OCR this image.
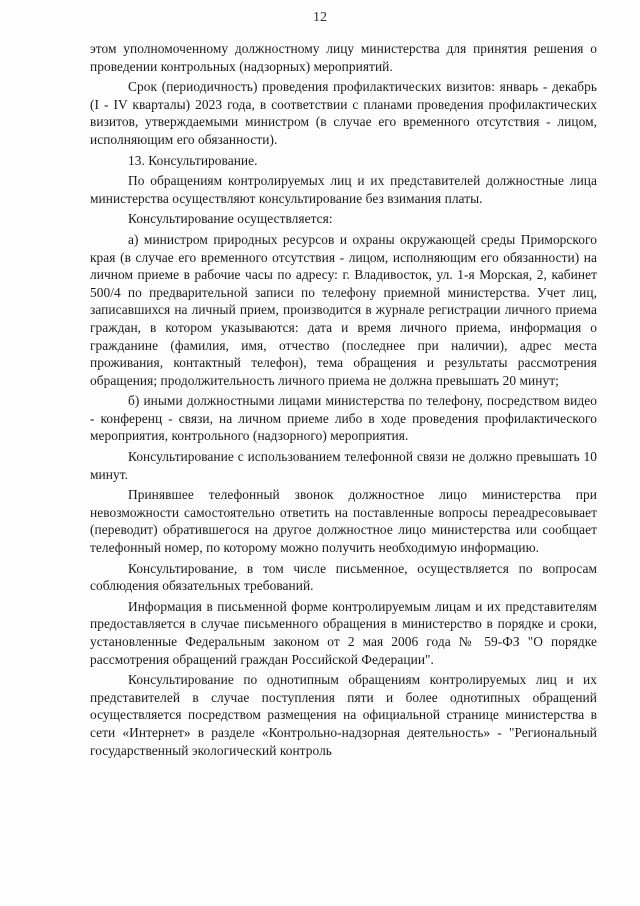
12

этом уполномоченному должностному лицу министерства для принятия решения о проведении контрольных (надзорных) мероприятий.

Срок (периодичность) проведения профилактических визитов: январь - декабрь (I - IV кварталы) 2023 года, в соответствии с планами проведения профилактических визитов, утверждаемыми министром (в случае его временного отсутствия - лицом, исполняющим его обязанности).

13. Консультирование.

По обращениям контролируемых лиц и их представителей должностные лица министерства осуществляют консультирование без взимания платы.

Консультирование осуществляется:

а) министром природных ресурсов и охраны окружающей среды Приморского края (в случае его временного отсутствия - лицом, исполняющим его обязанности) на личном приеме в рабочие часы по адресу: г. Владивосток, ул. 1-я Морская, 2, кабинет 500/4 по предварительной записи по телефону приемной министерства. Учет лиц, записавшихся на личный прием, производится в журнале регистрации личного приема граждан, в котором указываются: дата и время личного приема, информация о гражданине (фамилия, имя, отчество (последнее при наличии), адрес места проживания, контактный телефон), тема обращения и результаты рассмотрения обращения; продолжительность личного приема не должна превышать 20 минут;

б) иными должностными лицами министерства по телефону, посредством видео - конференц - связи, на личном приеме либо в ходе проведения профилактического мероприятия, контрольного (надзорного) мероприятия.

Консультирование с использованием телефонной связи не должно превышать 10 минут.

Принявшее телефонный звонок должностное лицо министерства при невозможности самостоятельно ответить на поставленные вопросы переадресовывает (переводит) обратившегося на другое должностное лицо министерства или сообщает телефонный номер, по которому можно получить необходимую информацию.

Консультирование, в том числе письменное, осуществляется по вопросам соблюдения обязательных требований.

Информация в письменной форме контролируемым лицам и их представителям предоставляется в случае письменного обращения в министерство в порядке и сроки, установленные Федеральным законом от 2 мая 2006 года № 59-ФЗ "О порядке рассмотрения обращений граждан Российской Федерации".

Консультирование по однотипным обращениям контролируемых лиц и их представителей в случае поступления пяти и более однотипных обращений осуществляется посредством размещения на официальной странице министерства в сети «Интернет» в разделе «Контрольно-надзорная деятельность» - "Региональный государственный экологический контроль
